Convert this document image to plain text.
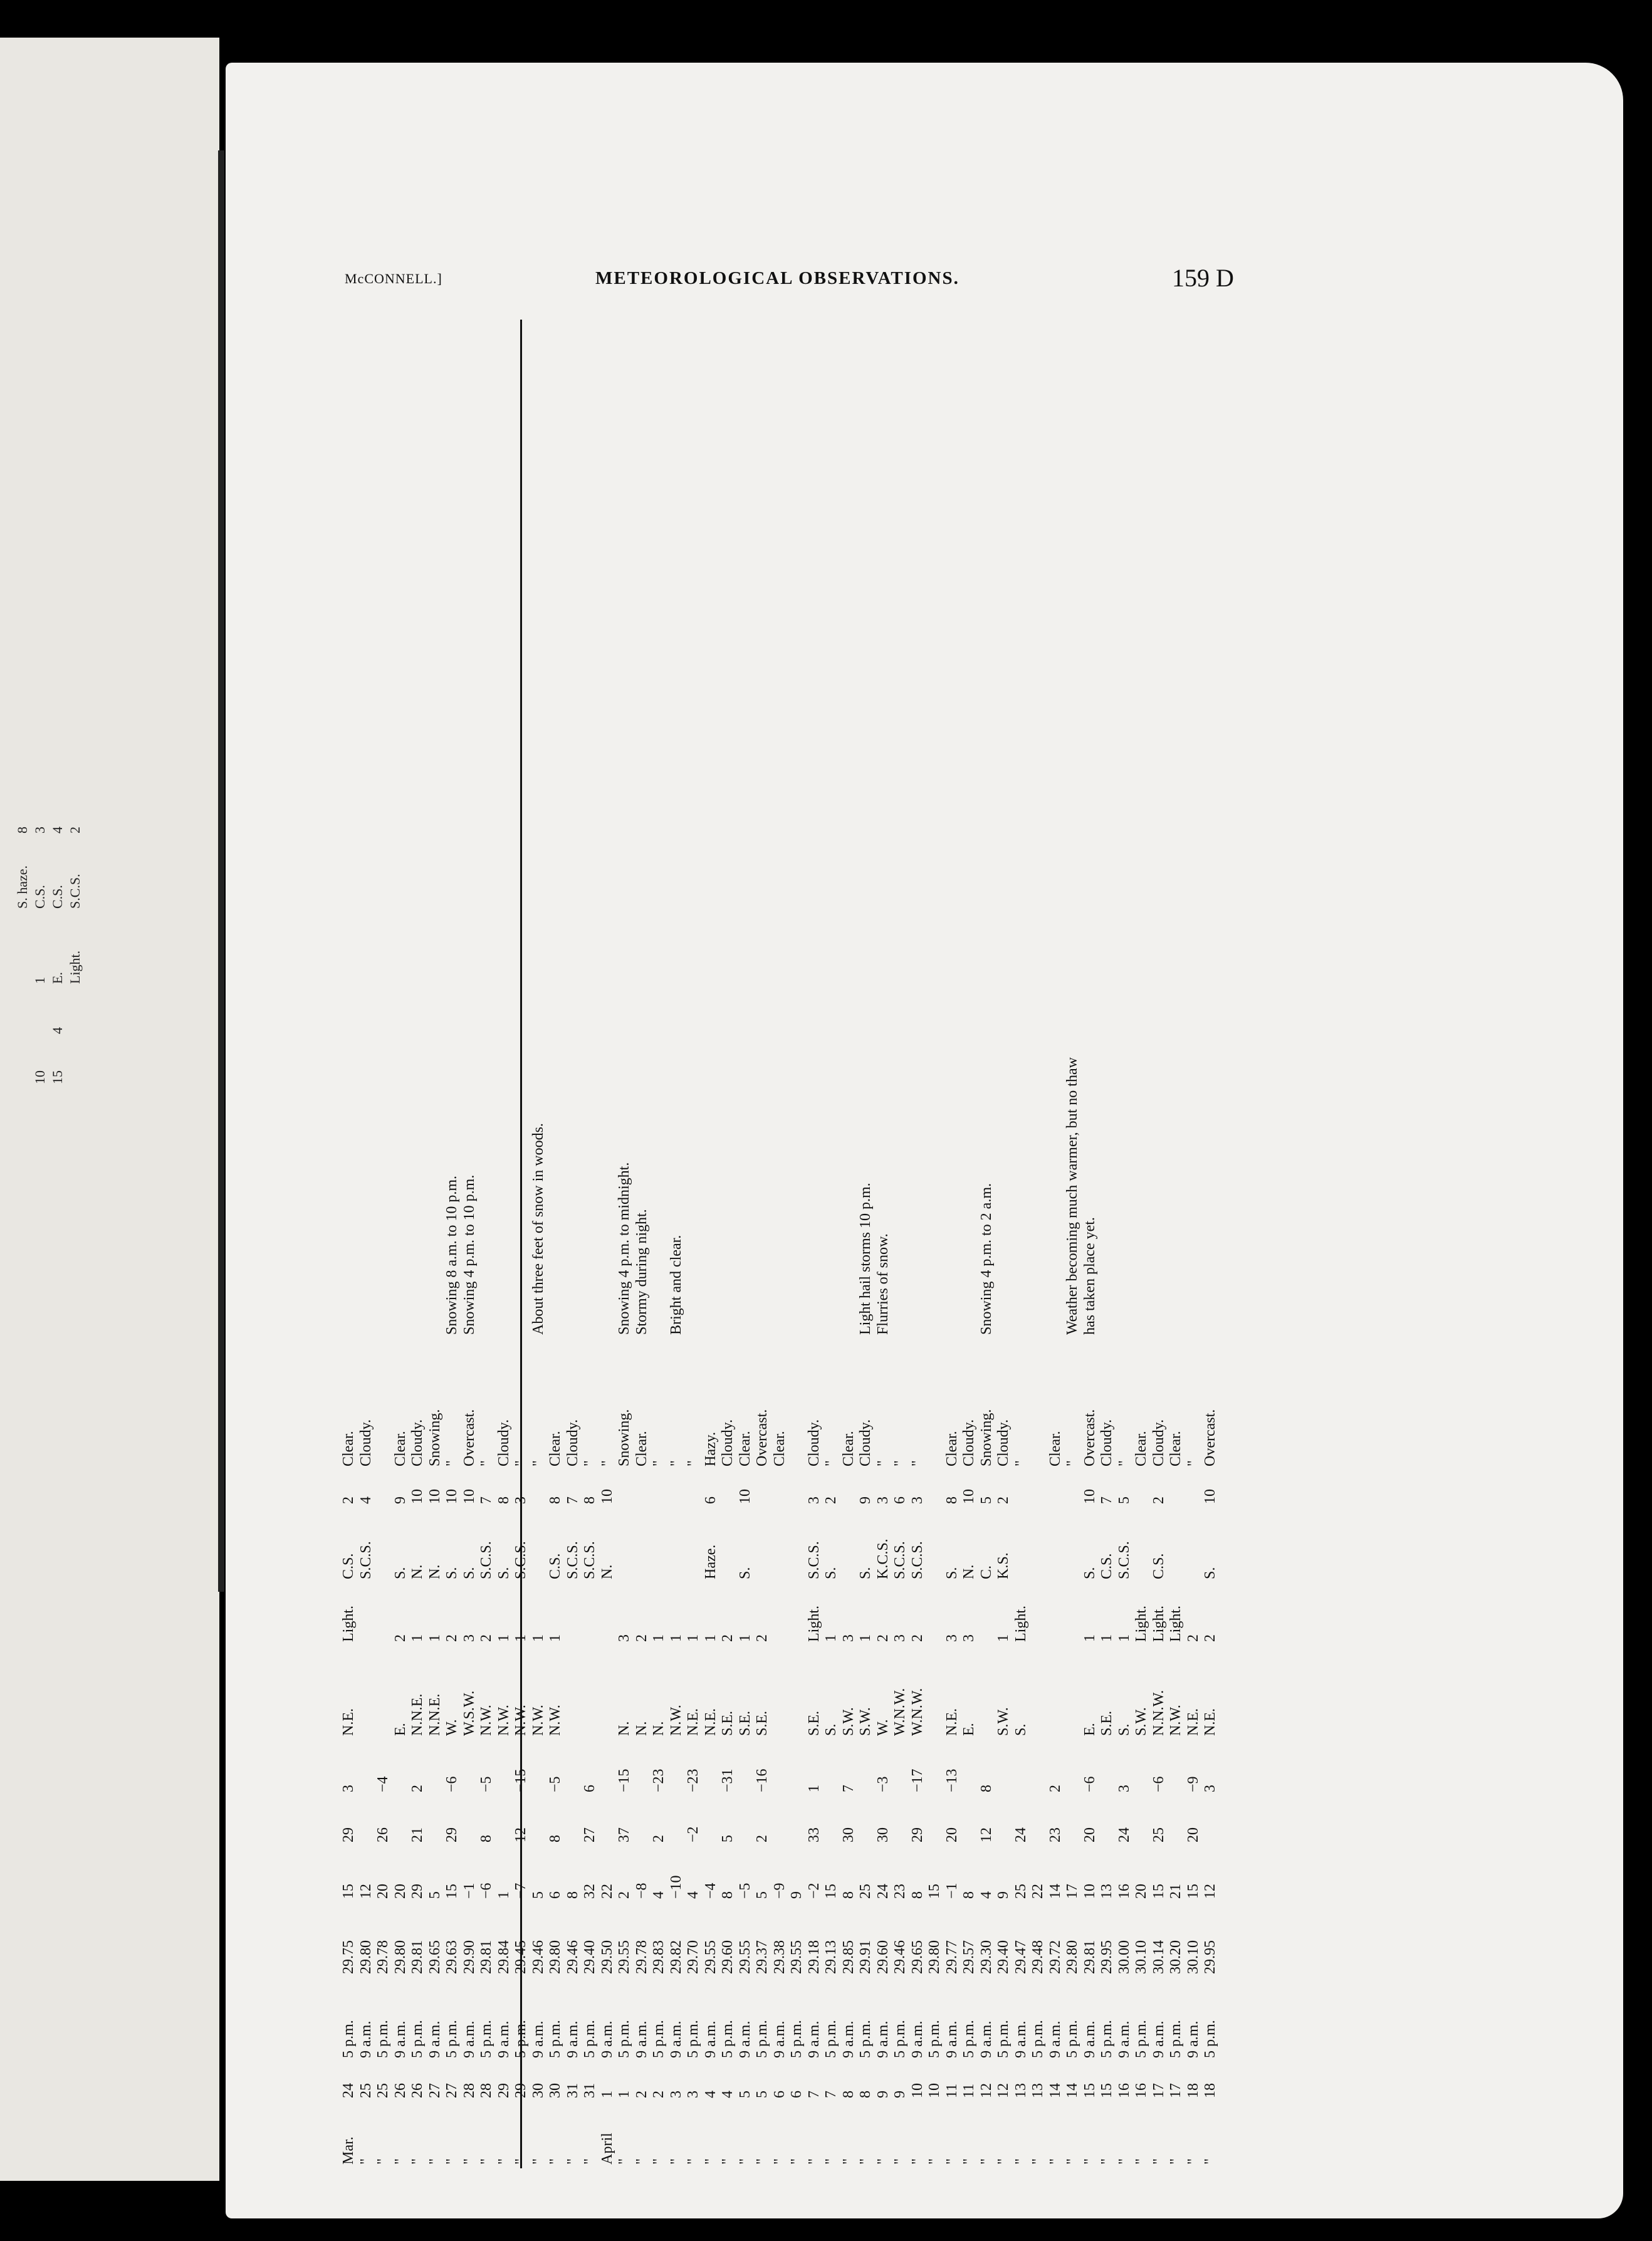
S. haze.
8
10
1
C.S.
3
15
4
E.
C.S.
4
Light.
S.C.S.
2
McCONNELL.]	METEOROLOGICAL OBSERVATIONS.	159 D
Mar.
24
5 p.m.
29.75
15
29
3
N.E.
Light.
C.S.
2
Clear.
"
25
9 a.m.
29.80
12
S.C.S.
4
Cloudy.
"
25
5 p.m.
29.78
20
26
−4
"
26
9 a.m.
29.80
20
E.
2
S.
9
Clear.
"
26
5 p.m.
29.81
29
21
2
N.N.E.
1
N.
10
Cloudy.
"
27
9 a.m.
29.65
5
N.N.E.
1
N.
10
Snowing.
"
27
5 p.m.
29.63
15
29
−6
W.
2
S.
10
"
Snowing 8 a.m. to 10 p.m.
"
28
9 a.m.
29.90
−1
W.S.W.
3
S.
10
Overcast.
Snowing 4 p.m. to 10 p.m.
"
28
5 p.m.
29.81
−6
8
−5
N.W.
2
S.C.S.
7
"
"
29
9 a.m.
29.84
1
N.W.
1
S.
8
Cloudy.
"
29
5 p.m.
29.45
−7
12
−15
N.W.
1
S.C.S.
3
"
"
30
9 a.m.
29.46
5
N.W.
1
"
About three feet of snow in woods.
"
30
5 p.m.
29.80
6
8
−5
N.W.
1
C.S.
8
Clear.
"
31
9 a.m.
29.46
8
S.C.S.
7
Cloudy.
"
31
5 p.m.
29.40
32
27
6
S.C.S.
8
"
April
1
9 a.m.
29.50
22
N.
10
"
"
1
5 p.m.
29.55
2
37
−15
N.
3
Snowing.
Snowing 4 p.m. to midnight.
"
2
9 a.m.
29.78
−8
N.
2
Clear.
Stormy during night.
"
2
5 p.m.
29.83
4
2
−23
N.
1
"
"
3
9 a.m.
29.82
−10
N.W.
1
"
Bright and clear.
"
3
5 p.m.
29.70
4
−2
−23
N.E.
1
"
"
4
9 a.m.
29.55
−4
N.E.
1
Haze.
6
Hazy.
"
4
5 p.m.
29.60
8
5
−31
S.E.
2
Cloudy.
"
5
9 a.m.
29.55
−5
S.E.
1
S.
10
Clear.
"
5
5 p.m.
29.37
5
2
−16
S.E.
2
Overcast.
"
6
9 a.m.
29.38
−9
Clear.
"
6
5 p.m.
29.55
9
"
7
9 a.m.
29.18
−2
33
1
S.E.
Light.
S.C.S.
3
Cloudy.
"
7
5 p.m.
29.13
15
S.
1
S.
2
"
"
8
9 a.m.
29.85
8
30
7
S.W.
3
Clear.
"
8
5 p.m.
29.91
25
S.W.
1
S.
9
Cloudy.
Light hail storms 10 p.m.
"
9
9 a.m.
29.60
24
30
−3
W.
2
K.C.S.
3
"
Flurries of snow.
"
9
5 p.m.
29.46
23
W.N.W.
3
S.C.S.
6
"
"
10
9 a.m.
29.65
8
29
−17
W.N.W.
2
S.C.S.
3
"
"
10
5 p.m.
29.80
15
"
11
9 a.m.
29.77
−1
20
−13
N.E.
3
S.
8
Clear.
"
11
5 p.m.
29.57
8
E.
3
N.
10
Cloudy.
"
12
9 a.m.
29.30
4
12
8
C.
5
Snowing.
Snowing 4 p.m. to 2 a.m.
"
12
5 p.m.
29.40
9
S.W.
1
K.S.
2
Cloudy.
"
13
9 a.m.
29.47
25
24
S.
Light.
"
"
13
5 p.m.
29.48
22
"
14
9 a.m.
29.72
14
23
2
Clear.
"
14
5 p.m.
29.80
17
"
Weather becoming much warmer, but no thaw
"
15
9 a.m.
29.81
10
20
−6
E.
1
S.
10
Overcast.
has taken place yet.
"
15
5 p.m.
29.95
13
S.E.
1
C.S.
7
Cloudy.
"
16
9 a.m.
30.00
16
24
3
S.
1
S.C.S.
5
"
"
16
5 p.m.
30.10
20
S.W.
Light.
Clear.
"
17
9 a.m.
30.14
15
25
−6
N.N.W.
Light.
C.S.
2
Cloudy.
"
17
5 p.m.
30.20
21
N.W.
Light.
Clear.
"
18
9 a.m.
30.10
15
20
−9
N.E.
2
"
"
18
5 p.m.
29.95
12
3
N.E.
2
S.
10
Overcast.
